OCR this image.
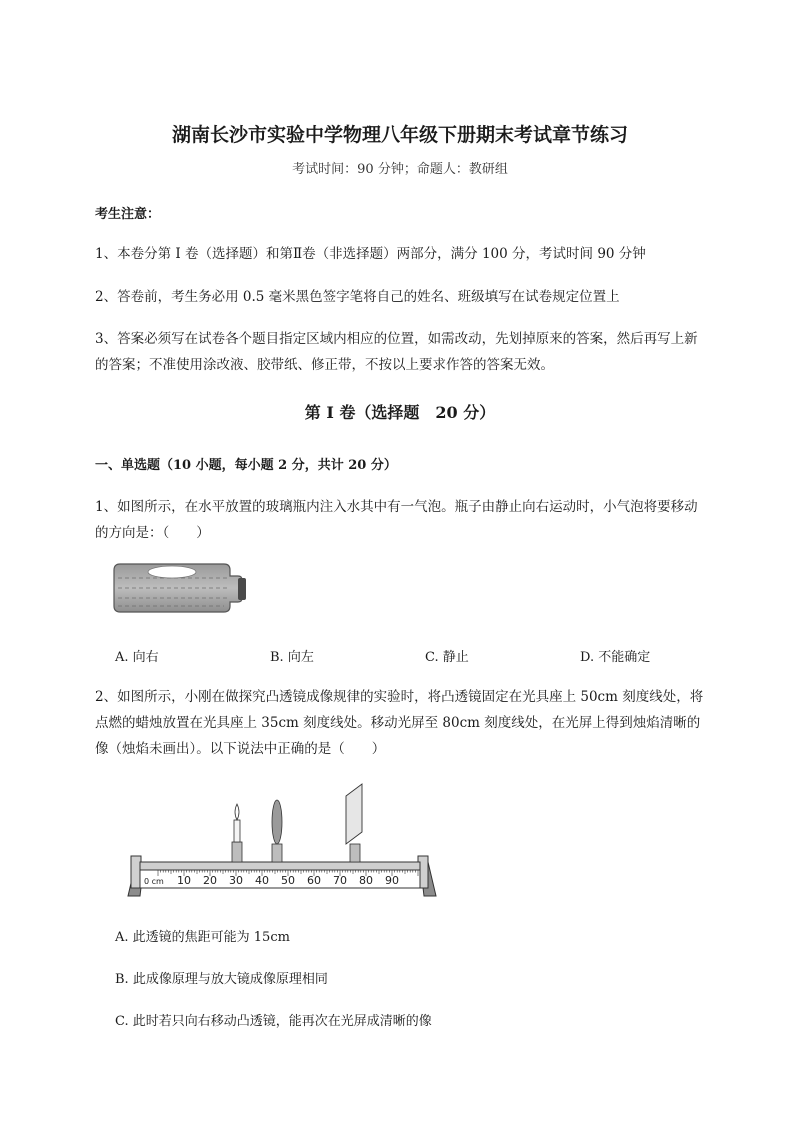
湖南长沙市实验中学物理八年级下册期末考试章节练习
考试时间：90 分钟；命题人：教研组
考生注意：
1、本卷分第 I 卷（选择题）和第Ⅱ卷（非选择题）两部分，满分 100 分，考试时间 90 分钟
2、答卷前，考生务必用 0.5 毫米黑色签字笔将自己的姓名、班级填写在试卷规定位置上
3、答案必须写在试卷各个题目指定区域内相应的位置，如需改动，先划掉原来的答案，然后再写上新的答案；不准使用涂改液、胶带纸、修正带，不按以上要求作答的答案无效。
第 I 卷（选择题　20 分）
一、单选题（10 小题，每小题 2 分，共计 20 分）
1、如图所示，在水平放置的玻璃瓶内注入水其中有一气泡。瓶子由静止向右运动时，小气泡将要移动的方向是：（　　）
A. 向右	B. 向左	C. 静止	D. 不能确定
2、如图所示，小刚在做探究凸透镜成像规律的实验时，将凸透镜固定在光具座上 50cm 刻度线处，将点燃的蜡烛放置在光具座上 35cm 刻度线处。移动光屏至 80cm 刻度线处，在光屏上得到烛焰清晰的像（烛焰未画出）。以下说法中正确的是（　　）
0 cm 10 20 30 40 50 60 70 80 90
A. 此透镜的焦距可能为 15cm
B. 此成像原理与放大镜成像原理相同
C. 此时若只向右移动凸透镜，能再次在光屏成清晰的像
